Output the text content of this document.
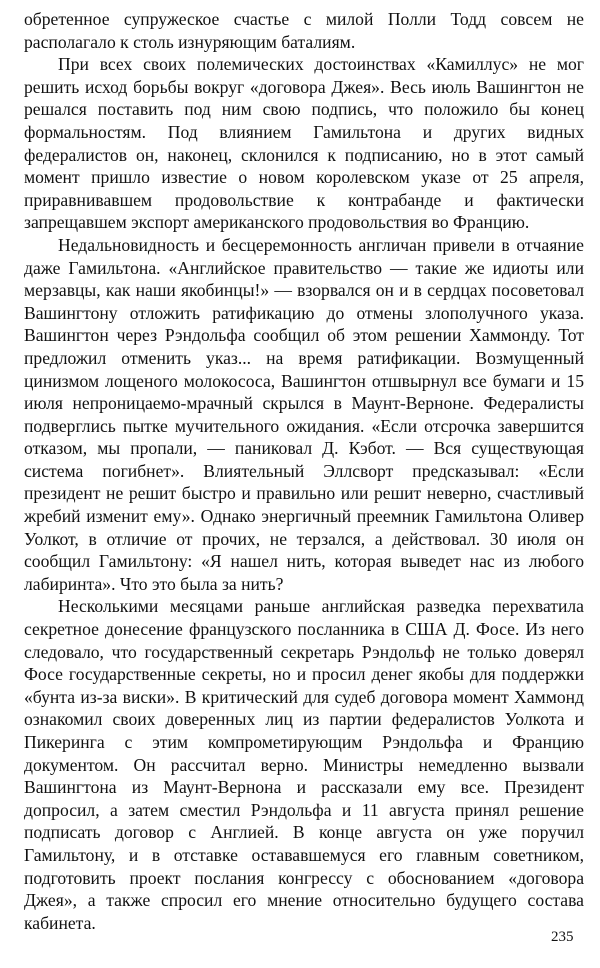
обретенное супружеское счастье с милой Полли Тодд совсем не располагало к столь изнуряющим баталиям.

При всех своих полемических достоинствах «Камиллус» не мог решить исход борьбы вокруг «договора Джея». Весь июль Вашингтон не решался поставить под ним свою подпись, что положило бы конец формальностям. Под влиянием Гамильтона и других видных федералистов он, наконец, склонился к подписанию, но в этот самый момент пришло известие о новом королевском указе от 25 апреля, приравнивавшем продовольствие к контрабанде и фактически запрещавшем экспорт американского продовольствия во Францию.

Недальновидность и бесцеремонность англичан привели в отчаяние даже Гамильтона. «Английское правительство — такие же идиоты или мерзавцы, как наши якобинцы!» — взорвался он и в сердцах посоветовал Вашингтону отложить ратификацию до отмены злополучного указа. Вашингтон через Рэндольфа сообщил об этом решении Хаммонду. Тот предложил отменить указ... на время ратификации. Возмущенный цинизмом лощеного молокососа, Вашингтон отшвырнул все бумаги и 15 июля непроницаемо-мрачный скрылся в Маунт-Верноне. Федералисты подверглись пытке мучительного ожидания. «Если отсрочка завершится отказом, мы пропали, — паниковал Д. Кэбот. — Вся существующая система погибнет». Влиятельный Эллсворт предсказывал: «Если президент не решит быстро и правильно или решит неверно, счастливый жребий изменит ему». Однако энергичный преемник Гамильтона Оливер Уолкот, в отличие от прочих, не терзался, а действовал. 30 июля он сообщил Гамильтону: «Я нашел нить, которая выведет нас из любого лабиринта». Что это была за нить?

Несколькими месяцами раньше английская разведка перехватила секретное донесение французского посланника в США Д. Фосе. Из него следовало, что государственный секретарь Рэндольф не только доверял Фосе государственные секреты, но и просил денег якобы для поддержки «бунта из-за виски». В критический для судеб договора момент Хаммонд ознакомил своих доверенных лиц из партии федералистов Уолкота и Пикеринга с этим компрометирующим Рэндольфа и Францию документом. Он рассчитал верно. Министры немедленно вызвали Вашингтона из Маунт-Вернона и рассказали ему все. Президент допросил, а затем сместил Рэндольфа и 11 августа принял решение подписать договор с Англией. В конце августа он уже поручил Гамильтону, и в отставке остававшемуся его главным советником, подготовить проект послания конгрессу с обоснованием «договора Джея», а также спросил его мнение относительно будущего состава кабинета.

235
